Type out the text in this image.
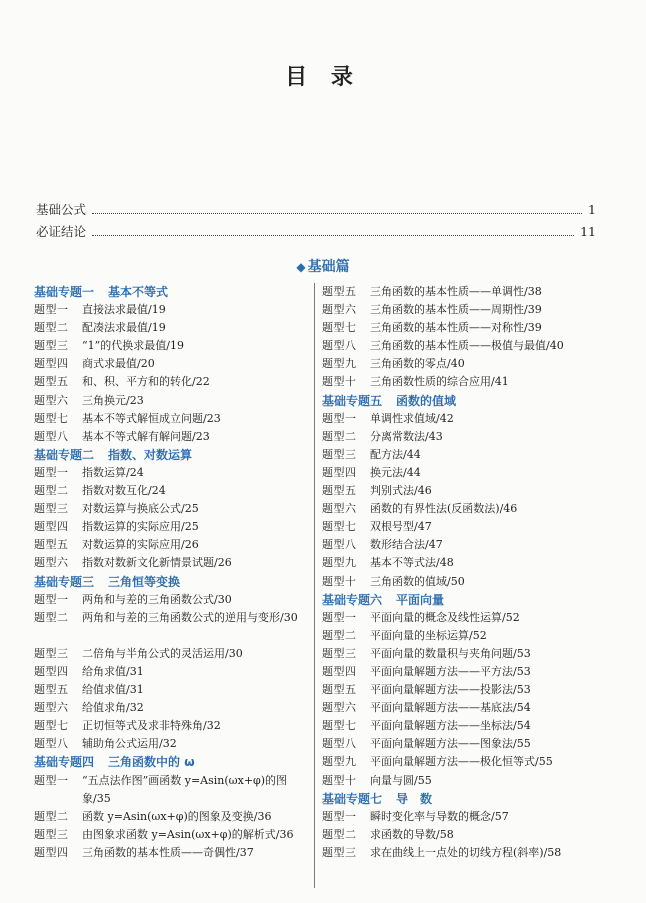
目 录
基础公式	1
必证结论	11
◆ 基础篇
基础专题一 基本不等式
题型一	直接法求最值/19
题型二	配凑法求最值/19
题型三	“1”的代换求最值/19
题型四	商式求最值/20
题型五	和、积、平方和的转化/22
题型六	三角换元/23
题型七	基本不等式解恒成立问题/23
题型八	基本不等式解有解问题/23
基础专题二 指数、对数运算
题型一	指数运算/24
题型二	指数对数互化/24
题型三	对数运算与换底公式/25
题型四	指数运算的实际应用/25
题型五	对数运算的实际应用/26
题型六	指数对数新文化新情景试题/26
基础专题三 三角恒等变换
题型一	两角和与差的三角函数公式/30
题型二	两角和与差的三角函数公式的逆用与变形/30
题型三	二倍角与半角公式的灵活运用/30
题型四	给角求值/31
题型五	给值求值/31
题型六	给值求角/32
题型七	正切恒等式及求非特殊角/32
题型八	辅助角公式运用/32
基础专题四 三角函数中的 ω
题型一	“五点法作图”画函数 y=Asin(ωx+φ)的图象/35
题型二	函数 y=Asin(ωx+φ)的图象及变换/36
题型三	由图象求函数 y=Asin(ωx+φ)的解析式/36
题型四	三角函数的基本性质——奇偶性/37
题型五	三角函数的基本性质——单调性/38
题型六	三角函数的基本性质——周期性/39
题型七	三角函数的基本性质——对称性/39
题型八	三角函数的基本性质——极值与最值/40
题型九	三角函数的零点/40
题型十	三角函数性质的综合应用/41
基础专题五 函数的值域
题型一	单调性求值域/42
题型二	分离常数法/43
题型三	配方法/44
题型四	换元法/44
题型五	判别式法/46
题型六	函数的有界性法(反函数法)/46
题型七	双根号型/47
题型八	数形结合法/47
题型九	基本不等式法/48
题型十	三角函数的值域/50
基础专题六 平面向量
题型一	平面向量的概念及线性运算/52
题型二	平面向量的坐标运算/52
题型三	平面向量的数量积与夹角问题/53
题型四	平面向量解题方法——平方法/53
题型五	平面向量解题方法——投影法/53
题型六	平面向量解题方法——基底法/54
题型七	平面向量解题方法——坐标法/54
题型八	平面向量解题方法——图象法/55
题型九	平面向量解题方法——极化恒等式/55
题型十	向量与圆/55
基础专题七 导　数
题型一	瞬时变化率与导数的概念/57
题型二	求函数的导数/58
题型三	求在曲线上一点处的切线方程(斜率)/58
